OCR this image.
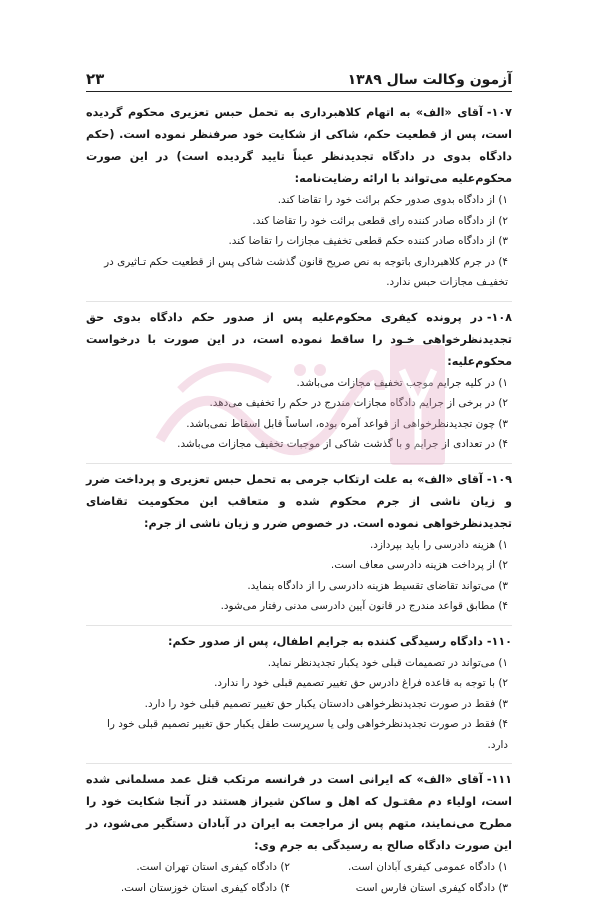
آزمون وکالت سال ۱۳۸۹
۲۳

۱۰۷-آقای «الف» به اتهام کلاهبرداری به تحمل حبس تعزیری محکوم گردیده است، پس از قطعیت حکم، شاکی از شکایت خود صرفنظر نموده است. (حکم دادگاه بدوی در دادگاه تجدیدنظر عیناً تایید گردیده است) در این صورت محکوم‌علیه می‌تواند با ارائه رضایت‌نامه:

۱) از دادگاه بدوی صدور حکم برائت خود را تقاضا کند.
۲) از دادگاه صادر کننده رای قطعی برائت خود را تقاضا کند.
۳) از دادگاه صادر کننده حکم قطعی تخفیف مجازات را تقاضا کند.
۴) در جرم کلاهبرداری باتوجه به نص صریح قانون گذشت شاکی پس از قطعیت حکم تـاثیری در تخفیـف مجازات حبس ندارد.

۱۰۸-در پرونده کیفری محکوم‌علیه پس از صدور حکم دادگاه بدوی حق تجدیدنظرخواهی خـود را ساقط نموده است، در این صورت با درخواست محکوم‌علیه:

۱) در کلیه جرایم موجب تخفیف مجازات می‌باشد.
۲) در برخی از جرایم دادگاه مجازات مندرج در حکم را تخفیف می‌دهد.
۳) چون تجدیدنظرخواهی از قواعد آمره بوده، اساساً قابل اسقاط نمی‌باشد.
۴) در تعدادی از جرایم و با گذشت شاکی از موجبات تخفیف مجازات می‌باشد.

۱۰۹-آقای «الف» به علت ارتکاب جرمی به تحمل حبس تعزیری و پرداخت ضرر و زیان ناشی از جرم محکوم شده و متعاقب این محکومیت تقاضای تجدیدنظرخواهی نموده است. در خصوص ضرر و زیان ناشی از جرم:

۱) هزینه دادرسی را باید بپردازد.
۲) از پرداخت هزینه دادرسی معاف است.
۳) می‌تواند تقاضای تقسیط هزینه دادرسی را از دادگاه بنماید.
۴) مطابق قواعد مندرج در قانون آیین دادرسی مدنی رفتار می‌شود.

۱۱۰-دادگاه رسیدگی کننده به جرایم اطفال، پس از صدور حکم:

۱) می‌تواند در تصمیمات قبلی خود یکبار تجدیدنظر نماید.
۲) با توجه به قاعده فراغ دادرس حق تغییر تصمیم قبلی خود را ندارد.
۳) فقط در صورت تجدیدنظرخواهی دادستان یکبار حق تغییر تصمیم قبلی خود را دارد.
۴) فقط در صورت تجدیدنظرخواهی ولی یا سرپرست طفل یکبار حق تغییر تصمیم قبلی خود را دارد.

۱۱۱-آقای «الف» که ایرانی است در فرانسه مرتکب قتل عمد مسلمانی شده است، اولیاء دم مقتـول که اهل و ساکن شیراز هستند در آنجا شکایت خود را مطرح می‌نمایند، متهم پس از مراجعت به ایران در آبادان دستگیر می‌شود، در این صورت دادگاه صالح به رسیدگی به جرم وی:

۱) دادگاه عمومی کیفری آبادان است.
۲) دادگاه کیفری استان تهران است.
۳) دادگاه کیفری استان فارس است
۴) دادگاه کیفری استان خوزستان است.
